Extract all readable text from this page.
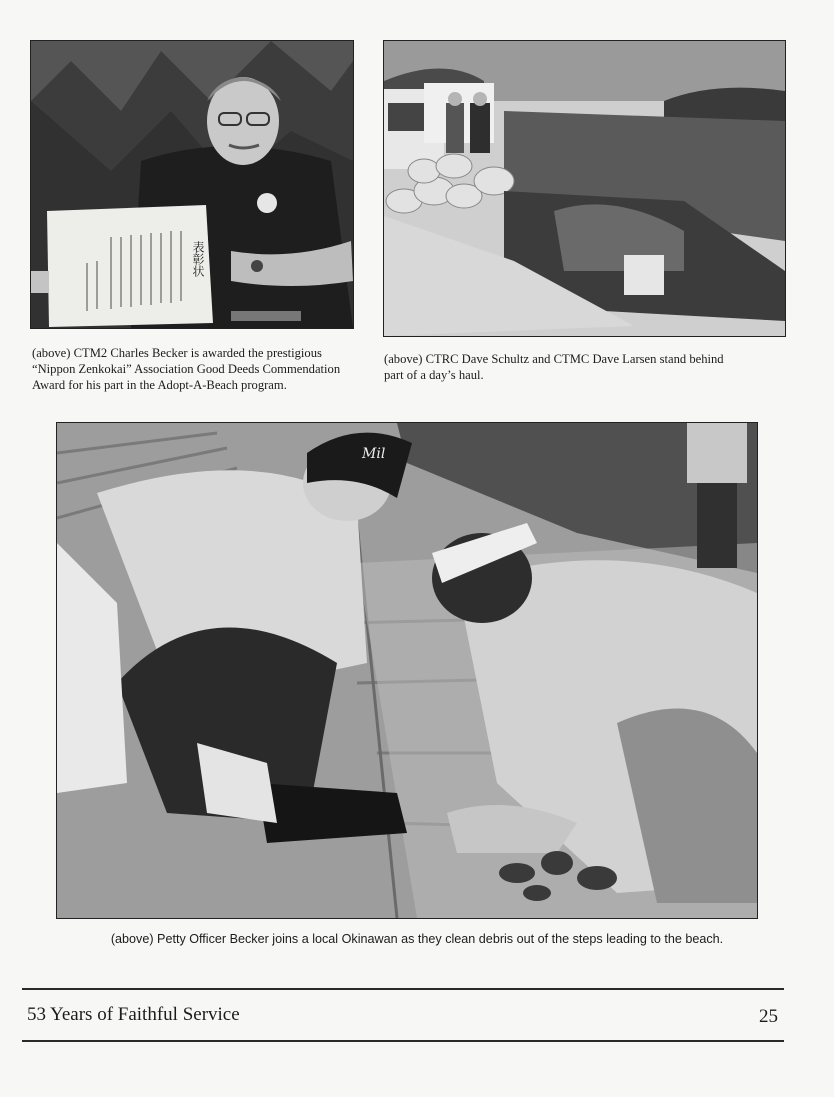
表彰状
Mil
(above) CTM2 Charles Becker is awarded the prestigious “Nippon Zenkokai” Association Good Deeds Commendation Award for his part in the Adopt-A-Beach program.
(above) CTRC Dave Schultz and CTMC Dave Larsen stand behind part of a day’s haul.
(above) Petty Officer Becker joins a local Okinawan as they clean debris out of the steps leading to the beach.
53 Years of Faithful Service	25
